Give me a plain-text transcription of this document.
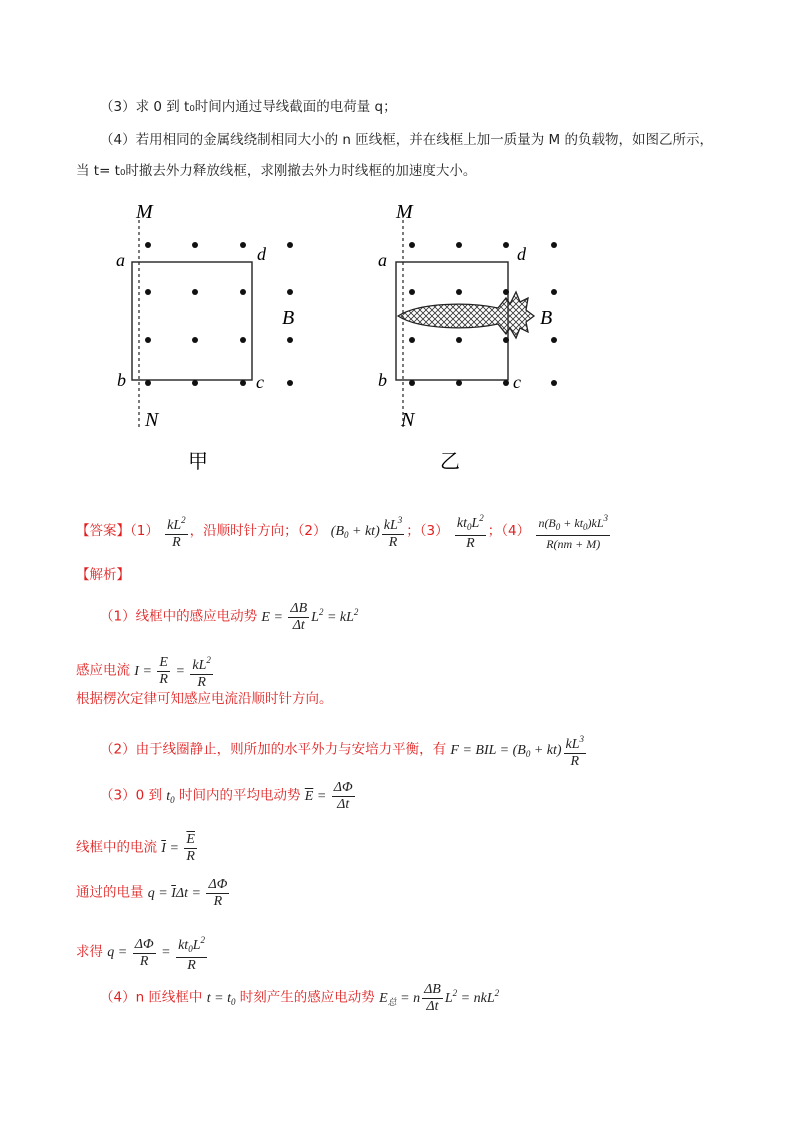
（3）求 0 到 t₀时间内通过导线截面的电荷量 q；
（4）若用相同的金属线绕制相同大小的 n 匝线框，并在线框上加一质量为 M 的负载物，如图乙所示，
当 t= t₀时撤去外力释放线框，求刚撤去外力时线框的加速度大小。
M
N
a
b	c
d
B
甲
M
N
a
b	c
d
B
乙
【答案】$(1) \frac{kL^2}{R}$ ，沿顺时针方向；（2） $(B_0 + kt) \frac{kL^3}{R}$ ；$(3) \frac{kt_0L^2}{R}$ ；$(4) \frac{n(B_0 + kt_0)kL^3}{R(nm + M)}$
【解析】
（1）线框中的感应电动势 $E = \frac{\Delta B}{\Delta t} L^2 = kL^2$
感应电流 $I = \frac{E}{R} = \frac{kL^2}{R}$
根据楞次定律可知感应电流沿顺时针方向。
（2）由于线圈静止，则所加的水平外力与安培力平衡，有 F = BIL = $(B_0 + kt) \frac{kL^3}{R}$
（3）0 到 $t_0$ 时间内的平均电动势 $\overline{E} = \frac{\Delta\Phi}{\Delta t}$
线框中的电流 $\overline{I} = \frac{\overline{E}}{R}$
通过的电量 $q = \overline{I}\Delta t = \frac{\Delta\Phi}{R}$
求得 $q = \frac{\Delta\Phi}{R} = \frac{kt_0L^2}{R}$
（4）n 匝线框中 $t = t_0$ 时刻产生的感应电动势 $E_总 = n \frac{\Delta B}{\Delta t} L^2 = nkL^2$
